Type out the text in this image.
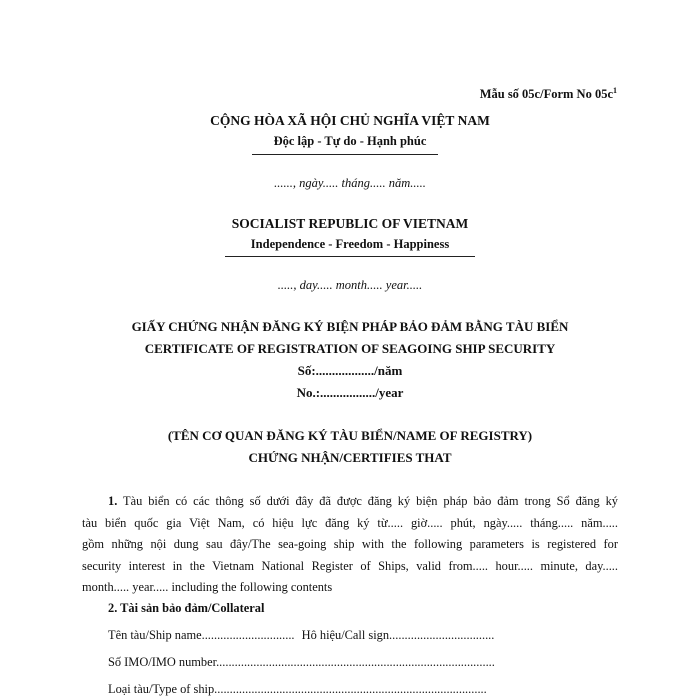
Mẫu số 05c/Form No $05c^1$
CỘNG HÒA XÃ HỘI CHỦ NGHĨA VIỆT NAM
Độc lập - Tự do - Hạnh phúc
......, ngày..... tháng..... năm.....
SOCIALIST REPUBLIC OF VIETNAM
Independence - Freedom - Happiness
....., day..... month..... year.....
GIẤY CHỨNG NHẬN ĐĂNG KÝ BIỆN PHÁP BẢO ĐẢM BẰNG TÀU BIỂN
CERTIFICATE OF REGISTRATION OF SEAGOING SHIP SECURITY
Số:................../năm
No.:................./year
(TÊN CƠ QUAN ĐĂNG KÝ TÀU BIỂN/NAME OF REGISTRY)
CHỨNG NHẬN/CERTIFIES THAT
1. Tàu biển có các thông số dưới đây đã được đăng ký biện pháp bảo đảm trong Sổ đăng ký
tàu biển quốc gia Việt Nam, có hiệu lực đăng ký từ..... giờ..... phút, ngày..... tháng..... năm.....
gồm những nội dung sau đây/The sea-going ship with the following parameters is registered for
security interest in the Vietnam National Register of Ships, valid from..... hour..... minute, day.....
month..... year..... including the following contents
2. Tài sản bảo đảm/Collateral
Tên tàu/Ship name.............................. Hô hiệu/Call sign..................................
Số IMO/IMO number..........................................................................................
Loại tàu/Type of ship........................................................................................
